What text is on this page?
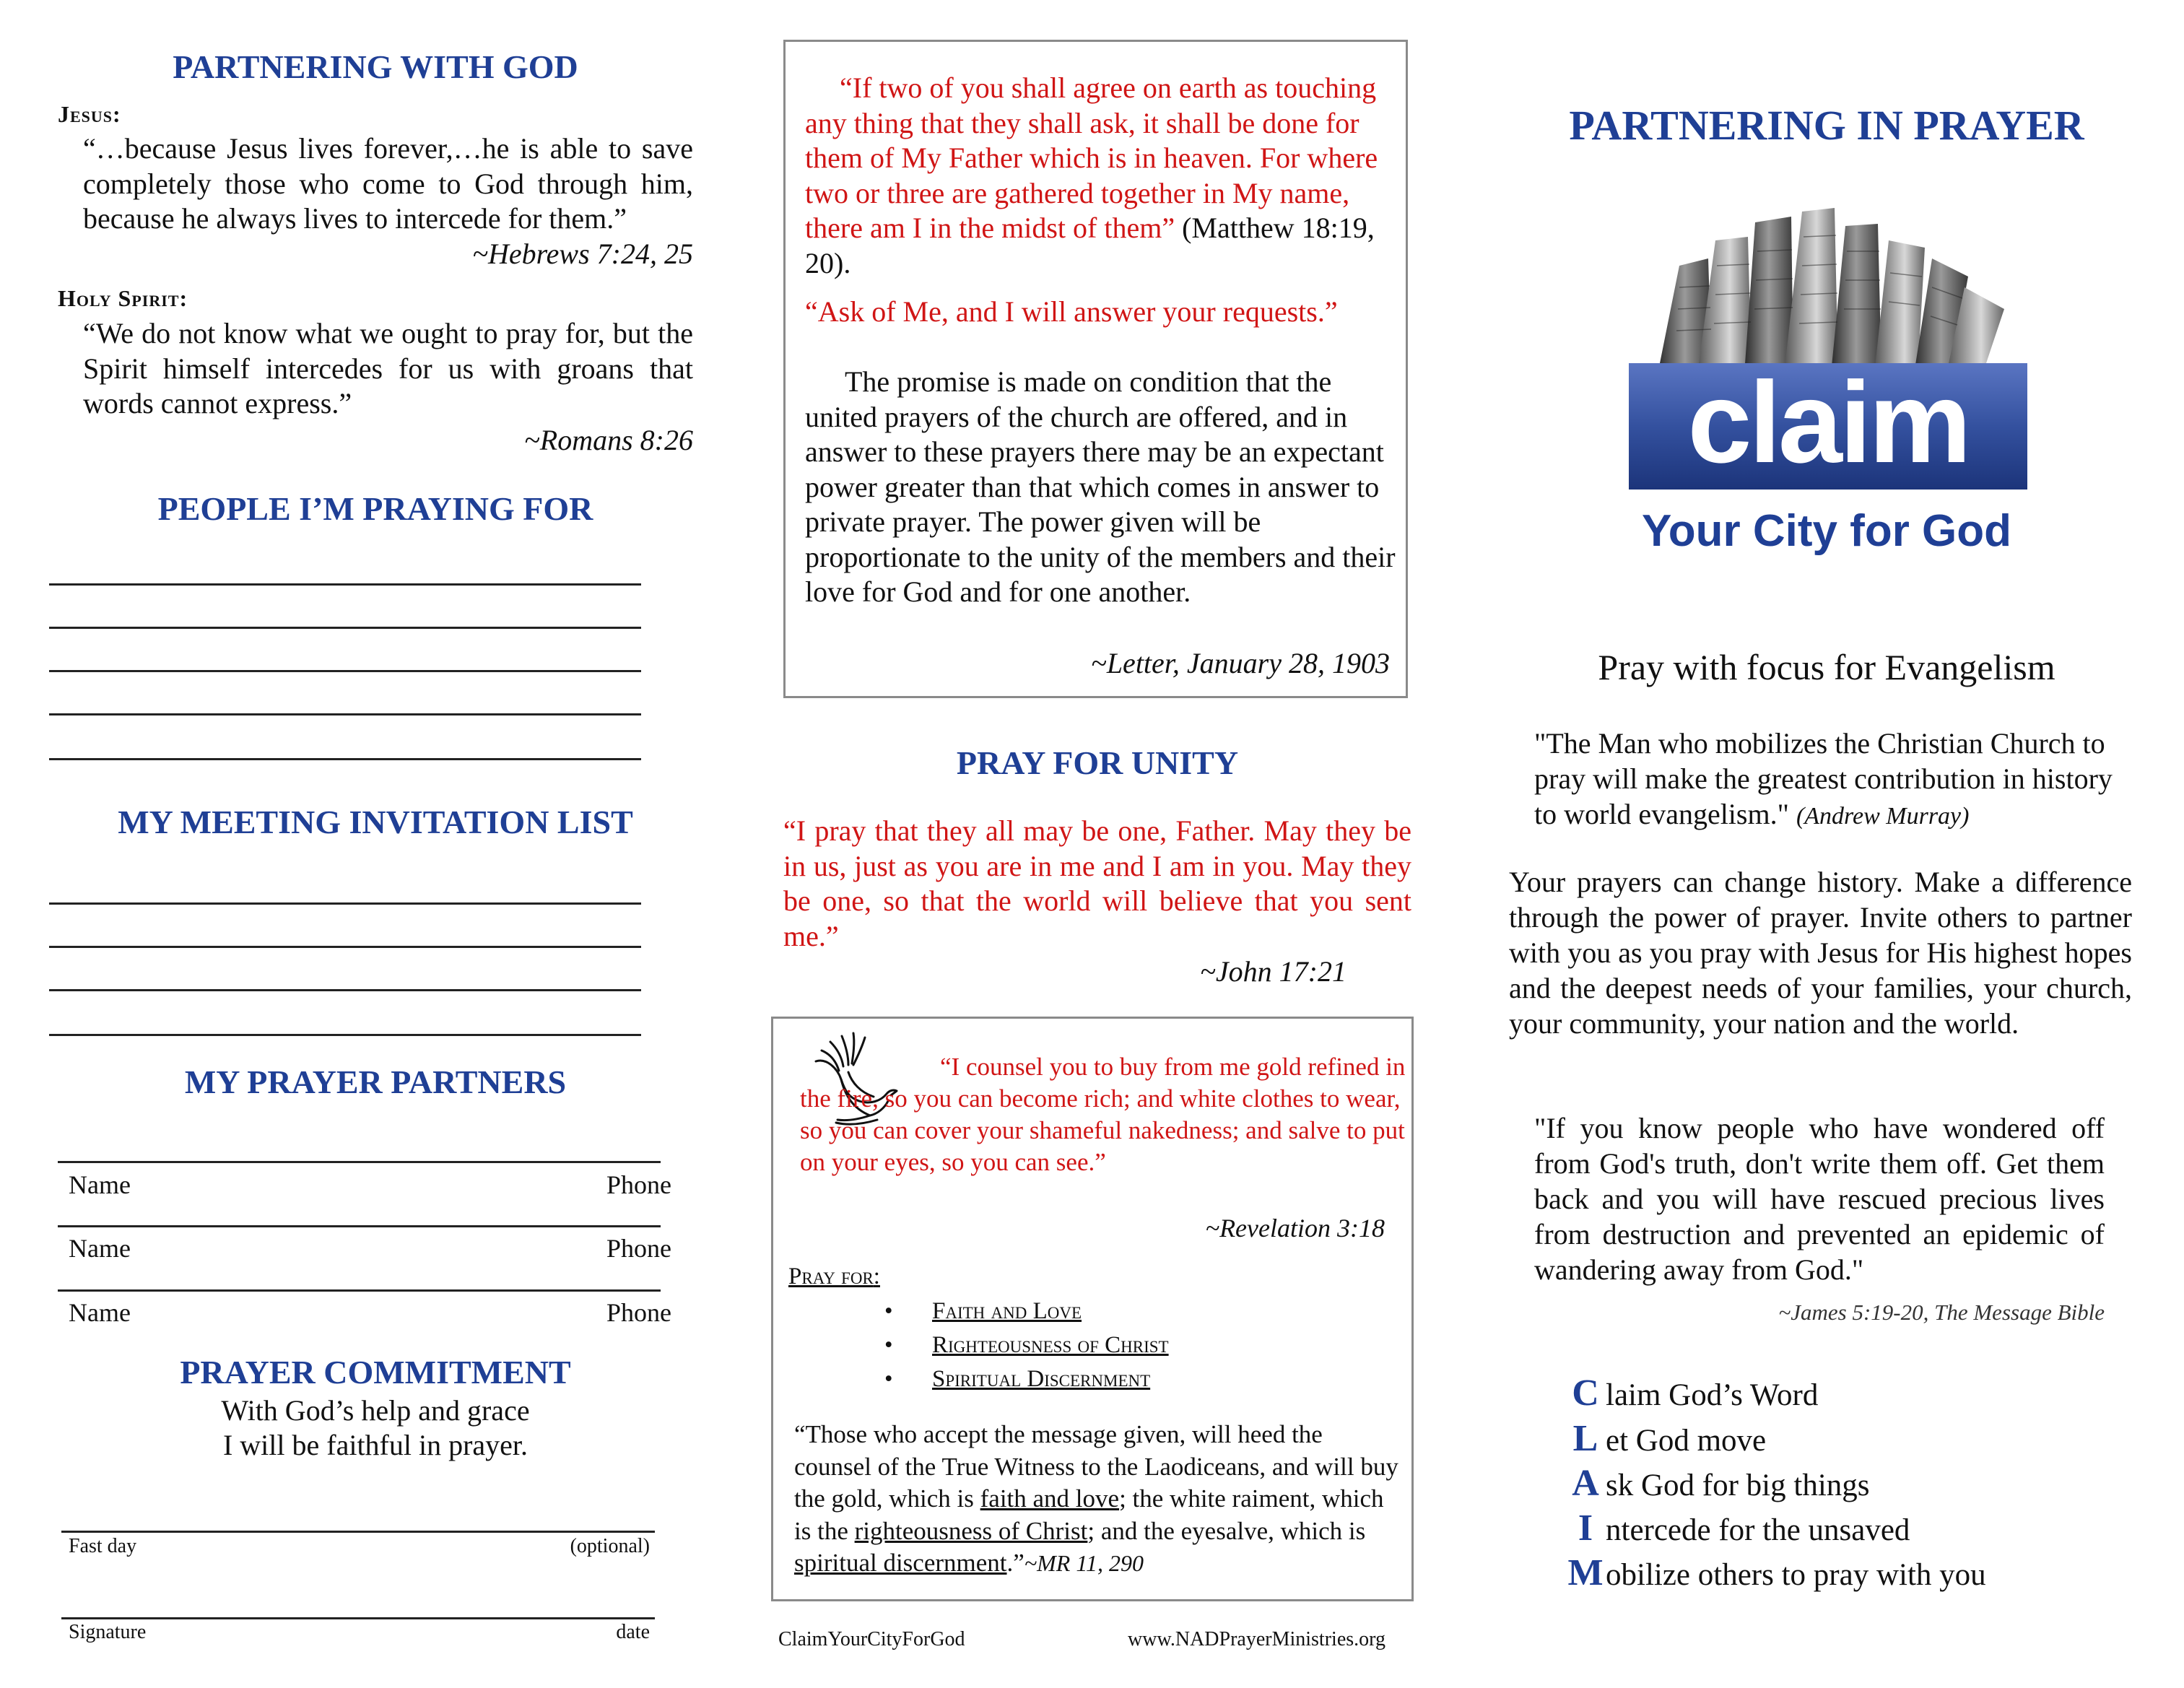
PARTNERING WITH GOD
Jesus:
“…because Jesus lives forever,…he is able to save completely those who come to God through him, because he always lives to intercede for them.”
~Hebrews 7:24, 25
Holy Spirit:
“We do not know what we ought to pray for, but the Spirit himself intercedes for us with groans that words cannot express.”
~Romans 8:26
PEOPLE I’M PRAYING FOR
MY MEETING INVITATION LIST
MY PRAYER PARTNERS
Name	Phone
Name	Phone
Name	Phone
PRAYER COMMITMENT
With God’s help and grace
I will be faithful in prayer.
Fast day	(optional)
Signature	date
“If two of you shall agree on earth as touching any thing that they shall ask, it shall be done for them of My Father which is in heaven. For where two or three are gathered together in My name, there am I in the midst of them” (Matthew 18:19, 20).
“Ask of Me, and I will answer your requests.”
The promise is made on condition that the united prayers of the church are offered, and in answer to these prayers there may be an expectant power greater than that which comes in answer to private prayer. The power given will be proportionate to the unity of the members and their love for God and for one another.
~Letter, January 28, 1903
PRAY FOR UNITY
“I pray that they all may be one, Father. May they be in us, just as you are in me and I am in you. May they be one, so that the world will believe that you sent me.”
~John 17:21
“I counsel you to buy from me gold refined in the fire, so you can become rich; and white clothes to wear, so you can cover your shameful nakedness; and salve to put on your eyes, so you can see.”
~Revelation 3:18
Pray for:
• Faith and Love
• Righteousness of Christ
• Spiritual Discernment
“Those who accept the message given, will heed the counsel of the True Witness to the Laodiceans, and will buy the gold, which is faith and love; the white raiment, which is the righteousness of Christ; and the eyesalve, which is spiritual discernment.”~MR 11, 290
ClaimYourCityForGod	www.NADPrayerMinistries.org
PARTNERING IN PRAYER
claim
Your City for God
Pray with focus for Evangelism
"The Man who mobilizes the Christian Church to pray will make the greatest contribution in history to world evangelism." (Andrew Murray)
Your prayers can change history. Make a difference through the power of prayer. Invite others to partner with you as you pray with Jesus for His highest hopes and the deepest needs of your families, your church, your community, your nation and the world.
"If you know people who have wondered off from God's truth, don't write them off. Get them back and you will have rescued precious lives from destruction and prevented an epidemic of wandering away from God."
~James 5:19-20, The Message Bible
C laim God’s Word
L et God move
A sk God for big things
I ntercede for the unsaved
Mobilize others to pray with you
